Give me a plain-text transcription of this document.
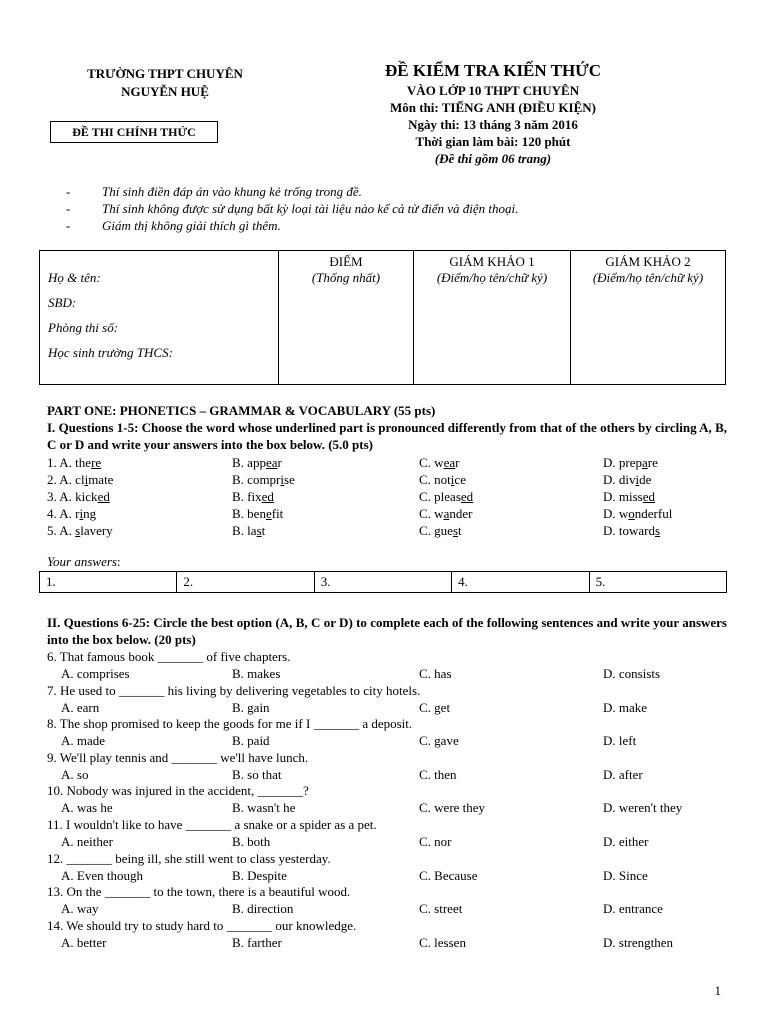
TRƯỜNG THPT CHUYÊN
NGUYỄN HUỆ
ĐỀ THI CHÍNH THỨC
ĐỀ KIỂM TRA KIẾN THỨC
VÀO LỚP 10 THPT CHUYÊN
Môn thi: TIẾNG ANH (ĐIỀU KIỆN)
Ngày thi: 13 tháng 3 năm 2016
Thời gian làm bài: 120 phút
(Đề thi gồm 06 trang)
- Thí sinh điền đáp án vào khung kẻ trống trong đề.
- Thí sinh không được sử dụng bất kỳ loại tài liệu nào kể cả từ điển và điện thoại.
- Giám thị không giải thích gì thêm.
Họ & tên:
SBD:
Phòng thi số:
Học sinh trường THCS:

ĐIỂM
(Thống nhất)

GIÁM KHẢO 1
(Điểm/họ tên/chữ ký)

GIÁM KHẢO 2
(Điểm/họ tên/chữ ký)
PART ONE: PHONETICS – GRAMMAR & VOCABULARY (55 pts)
I. Questions 1-5: Choose the word whose underlined part is pronounced differently from that of the others by circling A, B, C or D and write your answers into the box below. (5.0 pts)
1. A. there	B. appear	C. wear	D. prepare
2. A. climate	B. comprise	C. notice	D. divide
3. A. kicked	B. fixed	C. pleased	D. missed
4. A. ring	B. benefit	C. wander	D. wonderful
5. A. slavery	B. last	C. guest	D. towards
Your answers:
1.	2.	3.	4.	5.
II. Questions 6-25: Circle the best option (A, B, C or D) to complete each of the following sentences and write your answers into the box below. (20 pts)
6. That famous book _______ of five chapters.
A. comprises	B. makes	C. has	D. consists
7. He used to _______ his living by delivering vegetables to city hotels.
A. earn	B. gain	C. get	D. make
8. The shop promised to keep the goods for me if I _______ a deposit.
A. made	B. paid	C. gave	D. left
9. We'll play tennis and _______ we'll have lunch.
A. so	B. so that	C. then	D. after
10. Nobody was injured in the accident, _______?
A. was he	B. wasn't he	C. were they	D. weren't they
11. I wouldn't like to have _______ a snake or a spider as a pet.
A. neither	B. both	C. nor	D. either
12. _______ being ill, she still went to class yesterday.
A. Even though	B. Despite	C. Because	D. Since
13. On the _______ to the town, there is a beautiful wood.
A. way	B. direction	C. street	D. entrance
14. We should try to study hard to _______ our knowledge.
A. better	B. farther	C. lessen	D. strengthen
1
